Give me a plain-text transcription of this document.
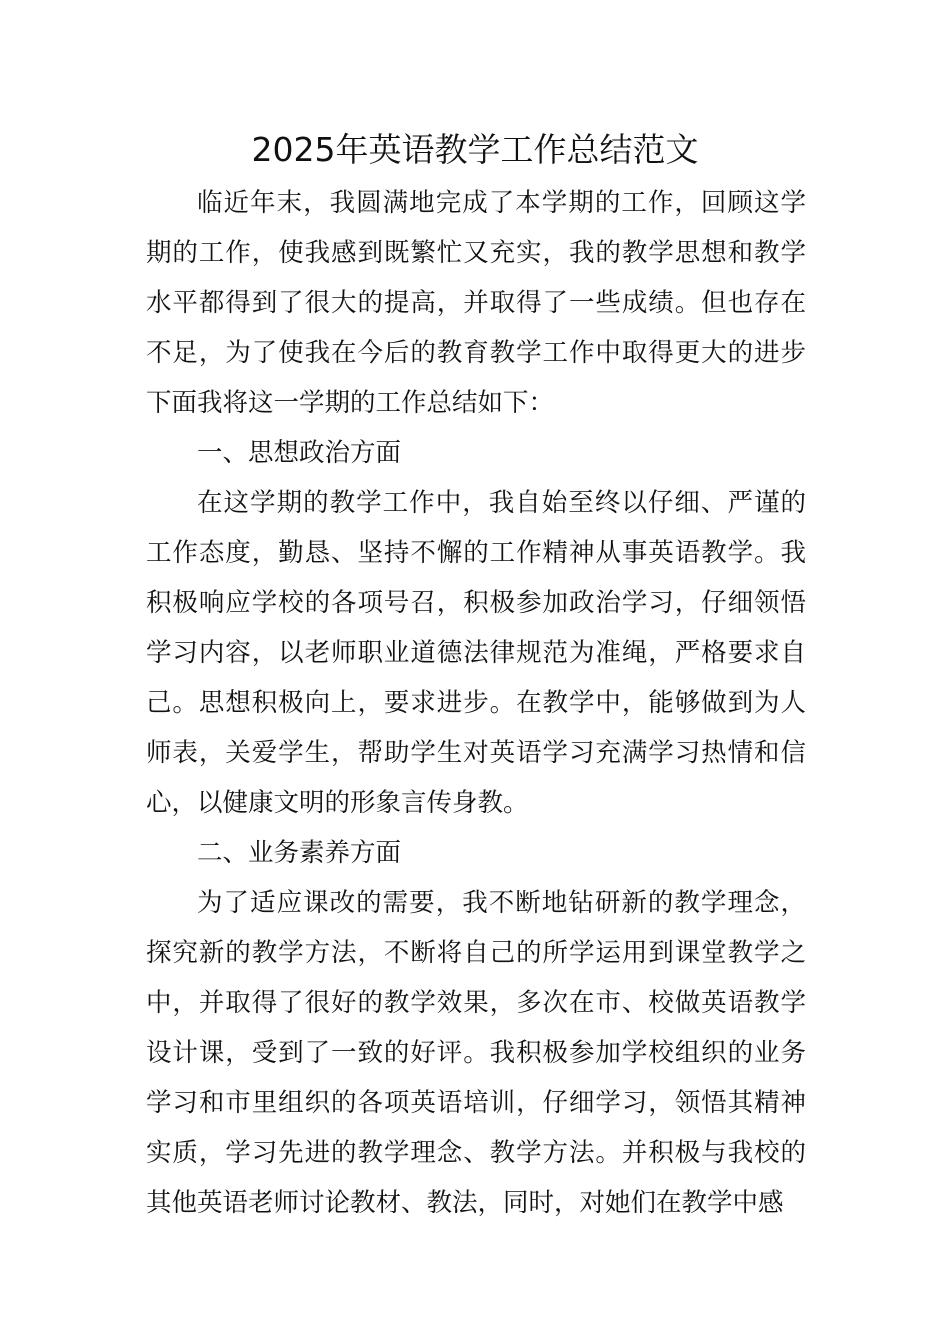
2025年英语教学工作总结范文

临近年末，我圆满地完成了本学期的工作，回顾这学期的工作，使我感到既繁忙又充实，我的教学思想和教学水平都得到了很大的提高，并取得了一些成绩。但也存在不足，为了使我在今后的教育教学工作中取得更大的进步下面我将这一学期的工作总结如下：

一、思想政治方面

在这学期的教学工作中，我自始至终以仔细、严谨的工作态度，勤恳、坚持不懈的工作精神从事英语教学。我积极响应学校的各项号召，积极参加政治学习，仔细领悟学习内容，以老师职业道德法律规范为准绳，严格要求自己。思想积极向上，要求进步。在教学中，能够做到为人师表，关爱学生，帮助学生对英语学习充满学习热情和信心，以健康文明的形象言传身教。

二、业务素养方面

为了适应课改的需要，我不断地钻研新的教学理念，探究新的教学方法，不断将自己的所学运用到课堂教学之中，并取得了很好的教学效果，多次在市、校做英语教学设计课，受到了一致的好评。我积极参加学校组织的业务学习和市里组织的各项英语培训，仔细学习，领悟其精神实质，学习先进的教学理念、教学方法。并积极与我校的其他英语老师讨论教材、教法，同时，对她们在教学中感
